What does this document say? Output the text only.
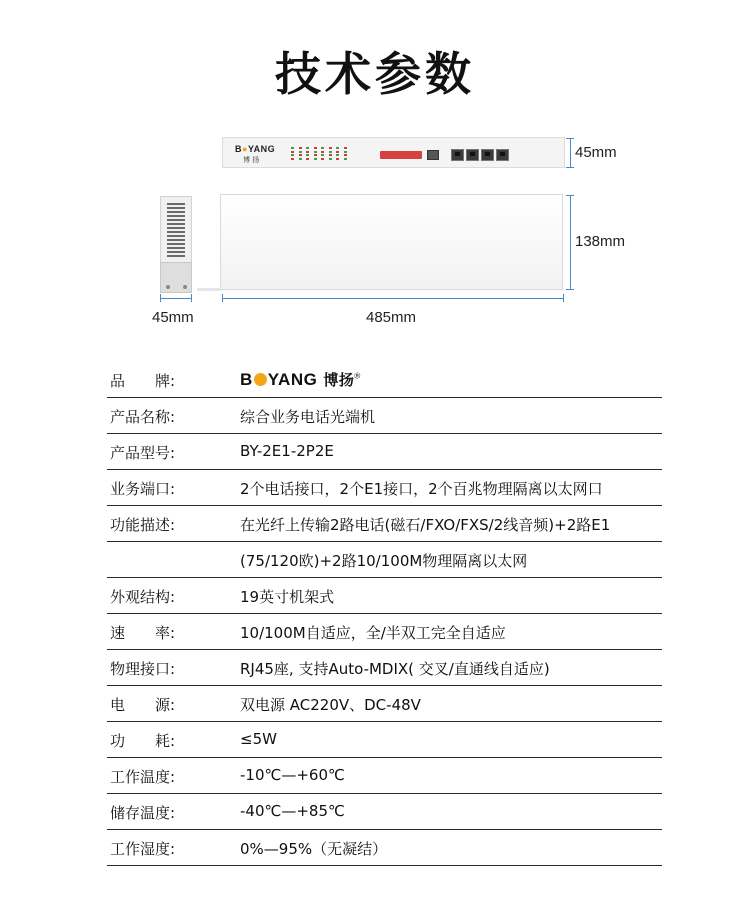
技术参数
B●YANG
博 扬	45mm
138mm
45mm	485mm
品　　牌:	B YANG 博扬®
产品名称:	综合业务电话光端机
产品型号:	BY-2E1-2P2E
业务端口:	2个电话接口，2个E1接口，2个百兆物理隔离以太网口
功能描述:	在光纤上传输2路电话(磁石/FXO/FXS/2线音频)+2路E1
(75/120欧)+2路10/100M物理隔离以太网
外观结构:	19英寸机架式
速　　率:	10/100M自适应，全/半双工完全自适应
物理接口:	RJ45座, 支持Auto-MDIX( 交叉/直通线自适应)
电　　源:	双电源 AC220V、DC-48V
功　　耗:	≤5W
工作温度:	-10℃—+60℃
储存温度:	-40℃—+85℃
工作湿度:	0%—95%（无凝结）
